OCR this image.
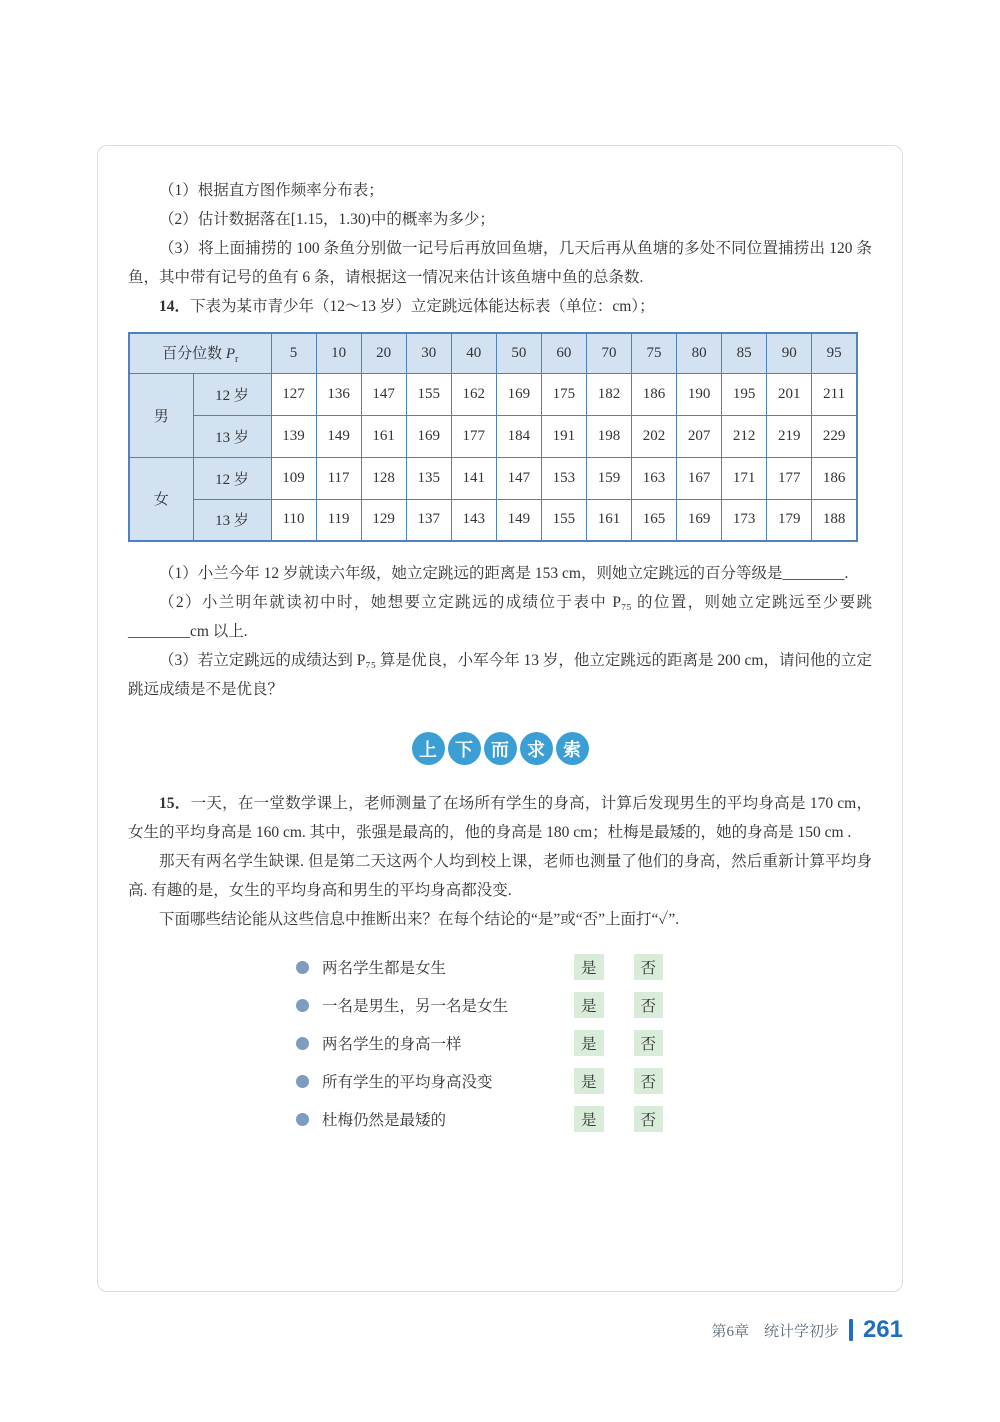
（1）根据直方图作频率分布表；

（2）估计数据落在[1.15，1.30)中的概率为多少；

（3）将上面捕捞的 100 条鱼分别做一记号后再放回鱼塘，几天后再从鱼塘的多处不同位置捕捞出 120 条鱼，其中带有记号的鱼有 6 条，请根据这一情况来估计该鱼塘中鱼的总条数.

14．下表为某市青少年（12～13 岁）立定跳远体能达标表（单位：cm）；

百分位数 $P_r$		5	10	20	30	40	50	60	70	75	80	85	90	95
男	12 岁	127	136	147	155	162	169	175	182	186	190	195	201	211
	13 岁	139	149	161	169	177	184	191	198	202	207	212	219	229
女	12 岁	109	117	128	135	141	147	153	159	163	167	171	177	186
	13 岁	110	119	129	137	143	149	155	161	165	169	173	179	188

（1）小兰今年 12 岁就读六年级，她立定跳远的距离是 153 cm，则她立定跳远的百分等级是________.

（2）小兰明年就读初中时，她想要立定跳远的成绩位于表中 P₇₅ 的位置，则她立定跳远至少要跳________cm 以上.

（3）若立定跳远的成绩达到 P₇₅ 算是优良，小军今年 13 岁，他立定跳远的距离是 200 cm，请问他的立定跳远成绩是不是优良？

上	下	而	求	索

15．一天，在一堂数学课上，老师测量了在场所有学生的身高，计算后发现男生的平均身高是 170 cm，女生的平均身高是 160 cm. 其中，张强是最高的，他的身高是 180 cm；杜梅是最矮的，她的身高是 150 cm .

那天有两名学生缺课. 但是第二天这两个人均到校上课，老师也测量了他们的身高，然后重新计算平均身高. 有趣的是，女生的平均身高和男生的平均身高都没变.

下面哪些结论能从这些信息中推断出来？在每个结论的“是”或“否”上面打“✓”.

两名学生都是女生	是	否
一名是男生，另一名是女生	是	否
两名学生的身高一样	是	否
所有学生的平均身高没变	是	否
杜梅仍然是最矮的	是	否
第6章　统计学初步 261
